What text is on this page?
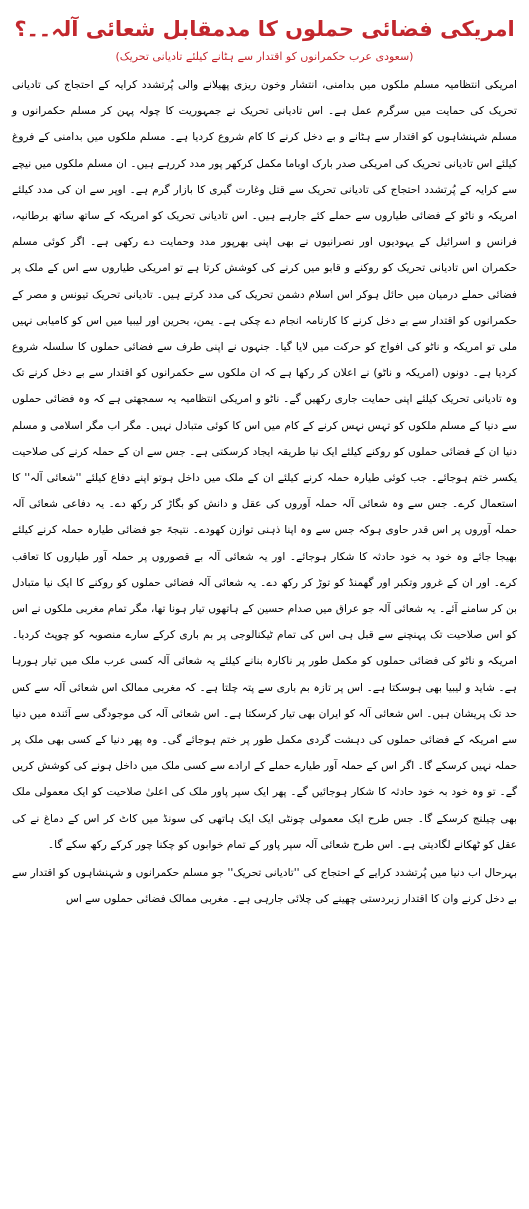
امریکی فضائی حملوں کا مدمقابل شعائی آلہ۔۔؟
(سعودی عرب حکمرانوں کو اقتدار سے ہٹانے کیلئے تادیانی تحریک)

امریکی انتظامیہ مسلم ملکوں میں بدامنی، انتشار وخون ریزی پھیلانے والی پُرتشدد کرایہ کے احتجاج کی تادیانی تحریک کی حمایت میں سرگرم عمل ہے۔ اس تادیانی تحریک نے جمہوریت کا چولہ پہن کر مسلم حکمرانوں و مسلم شہنشاہوں کو اقتدار سے ہٹانے و بے دخل کرنے کا کام شروع کردیا ہے۔ مسلم ملکوں میں بدامنی کے فروغ کیلئے اس تادیانی تحریک کی امریکی صدر بارک اوباما مکمل کرکھر پور مدد کررہے ہیں۔ ان مسلم ملکوں میں نیچے سے کرایہ کے پُرتشدد احتجاج کی تادیانی تحریک سے قتل وغارت گیری کا بازار گرم ہے۔ اوپر سے ان کی مدد کیلئے امریکہ و ناٹو کے فضائی طیاروں سے حملے کئے جارہے ہیں۔ اس تادیانی تحریک کو امریکہ کے ساتھ ساتھ برطانیہ، فرانس و اسرائیل کے یہودیوں اور نصرانیوں نے بھی اپنی بھرپور مدد وحمایت دے رکھی ہے۔ اگر کوئی مسلم حکمران اس تادیانی تحریک کو روکنے و قابو میں کرنے کی کوشش کرتا ہے تو امریکی طیاروں سے اس کے ملک پر فضائی حملے درمیان میں حائل ہوکر اس اسلام دشمن تحریک کی مدد کرتے ہیں۔ تادیانی تحریک تیونس و مصر کے حکمرانوں کو اقتدار سے بے دخل کرنے کا کارنامہ انجام دے چکی ہے۔ یمن، بحرین اور لیبیا میں اس کو کامیابی نہیں ملی تو امریکہ و ناٹو کی افواج کو حرکت میں لایا گیا۔ جنہوں نے اپنی طرف سے فضائی حملوں کا سلسلہ شروع کردیا ہے۔ دونوں (امریکہ و ناٹو) نے اعلان کر رکھا ہے کہ ان ملکوں سے حکمرانوں کو اقتدار سے بے دخل کرنے تک وہ تادیانی تحریک کیلئے اپنی حمایت جاری رکھیں گے۔ ناٹو و امریکی انتظامیہ یہ سمجھتی ہے کہ وہ فضائی حملوں سے دنیا کے مسلم ملکوں کو تہس نہس کرنے کے کام میں اس کا کوئی متبادل نہیں۔ مگر اب مگر اسلامی و مسلم دنیا ان کے فضائی حملوں کو روکنے کیلئے ایک نیا طریقہ ایجاد کرسکتی ہے۔ جس سے ان کے حملہ کرنے کی صلاحیت یکسر ختم ہوجائے۔ جب کوئی طیارہ حملہ کرنے کیلئے ان کے ملک میں داخل ہوتو اپنے دفاع کیلئے ''شعائی آلہ'' کا استعمال کرے۔ جس سے وہ شعائی آلہ حملہ آوروں کی عقل و دانش کو بگاڑ کر رکھ دے۔ یہ دفاعی شعائی آلہ حملہ آوروں پر اس قدر حاوی ہوکہ جس سے وہ اپنا ذہنی توازن کھودے۔ نتیجہً جو فضائی طیارہ حملہ کرنے کیلئے بھیجا جائے وہ خود بہ خود حادثہ کا شکار ہوجائے۔ اور یہ شعائی آلہ بے قصوروں پر حملہ آور طیاروں کا تعاقب کرے۔ اور ان کے غرور وتکبر اور گھمنڈ کو توڑ کر رکھ دے۔ یہ شعائی آلہ فضائی حملوں کو روکنے کا ایک نیا متبادل بن کر سامنے آئے۔ یہ شعائی آلہ جو عراق میں صدام حسین کے ہاتھوں تیار ہونا تھا، مگر تمام مغربی ملکوں نے اس کو اس صلاحیت تک پہنچنے سے قبل ہی اس کی تمام ٹیکنالوجی پر بم باری کرکے سارے منصوبہ کو چوپٹ کردیا۔ امریکہ و ناٹو کی فضائی حملوں کو مکمل طور پر ناکارہ بنانے کیلئے یہ شعائی آلہ کسی عرب ملک میں تیار ہورہا ہے۔ شاید و لیبیا بھی ہوسکتا ہے۔ اس پر تازہ بم باری سے پتہ چلتا ہے۔ کہ مغربی ممالک اس شعائی آلہ سے کس حد تک پریشان ہیں۔ اس شعائی آلہ کو ایران بھی تیار کرسکتا ہے۔ اس شعائی آلہ کی موجودگی سے آئندہ میں دنیا سے امریکہ کے فضائی حملوں کی دہشت گردی مکمل طور پر ختم ہوجائے گی۔ وہ پھر دنیا کے کسی بھی ملک پر حملہ نہیں کرسکے گا۔ اگر اس کے حملہ آور طیارے حملے کے ارادے سے کسی ملک میں داخل ہونے کی کوشش کریں گے۔ تو وہ خود بہ خود حادثہ کا شکار ہوجائیں گے۔ پھر ایک سپر پاور ملک کی اعلیٰ صلاحیت کو ایک معمولی ملک بھی چیلنج کرسکے گا۔ جس طرح ایک معمولی چونٹی ایک ایک ہاتھی کی سونڈ میں کاٹ کر اس کے دماغ نے کی عقل کو ٹھکانے لگادیتی ہے۔ اس طرح شعائی آلہ سپر پاور کے تمام خوابوں کو چکنا چور کرکے رکھ سکے گا۔

بہرحال اب دنیا میں پُرتشدد کرایے کے احتجاج کی ''تادیانی تحریک'' جو مسلم حکمرانوں و شہنشاہوں کو اقتدار سے بے دخل کرنے وان کا اقتدار زبردستی چھینے کی چلائی جارہی ہے۔ مغربی ممالک فضائی حملوں سے اس
